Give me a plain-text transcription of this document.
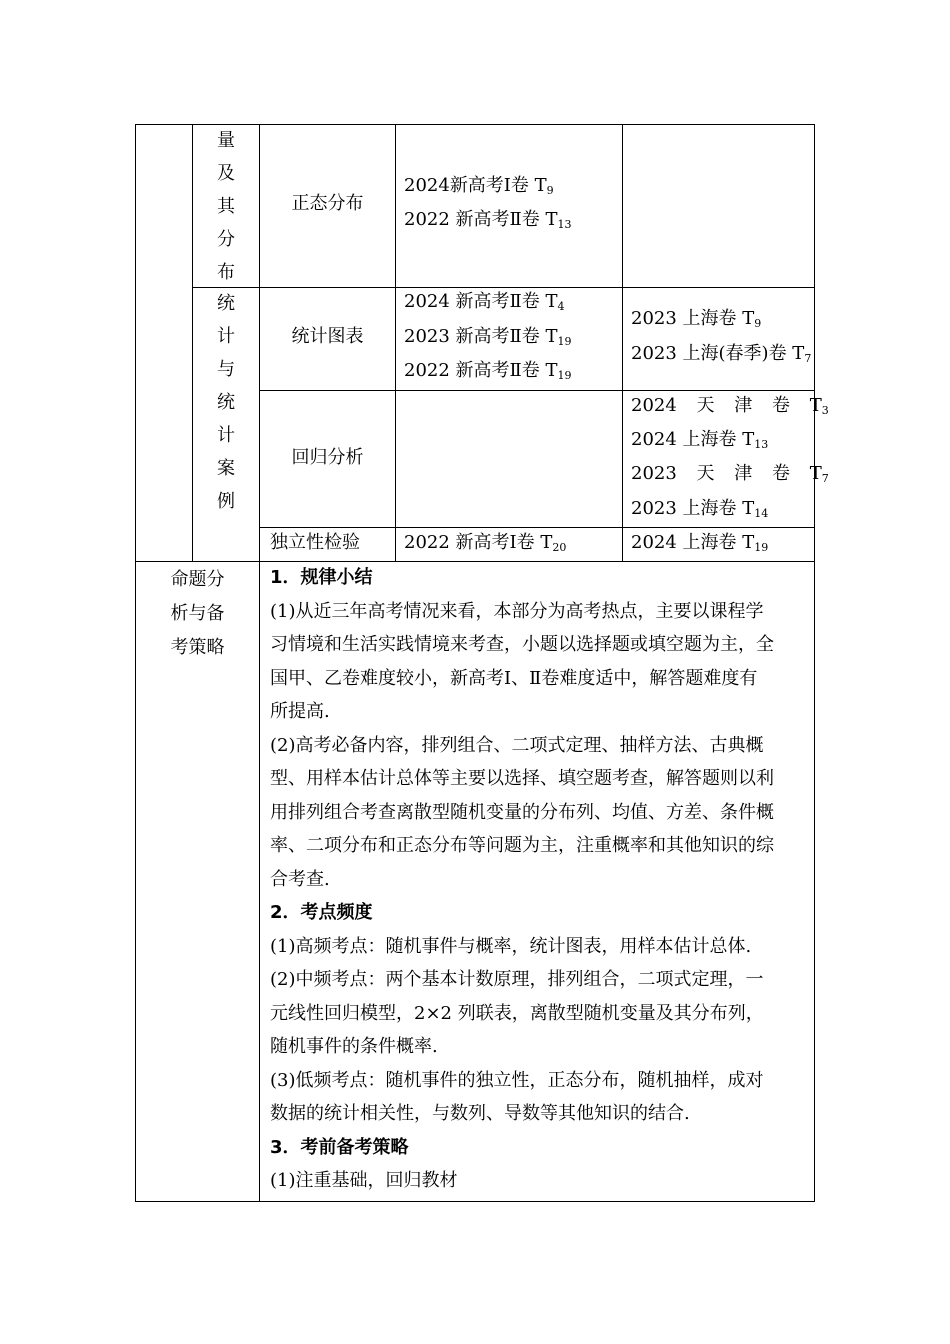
量
及
其
分
布
统
计
与
统
计
案
例
正态分布
2024新高考Ⅰ卷 $T_9$
2022 新高考Ⅱ卷 $T_{13}$
统计图表
2024 新高考Ⅱ卷 $T_4$
2023 新高考Ⅱ卷 $T_{19}$
2022 新高考Ⅱ卷 $T_{19}$
2023 上海卷 $T_9$
2023 上海(春季)卷 $T_7$
回归分析
2024 天 津 卷 $T_3$
2024 上海卷 $T_{13}$
2023 天 津 卷 $T_7$
2023 上海卷 $T_{14}$
独立性检验 2022 新高考Ⅰ卷 $T_{20}$	2024 上海卷 $T_{19}$
命题分
析与备
考策略
1．规律小结
(1)从近三年高考情况来看，本部分为高考热点，主要以课程学
习情境和生活实践情境来考查，小题以选择题或填空题为主，全
国甲、乙卷难度较小，新高考Ⅰ、Ⅱ卷难度适中，解答题难度有
所提高.
(2)高考必备内容，排列组合、二项式定理、抽样方法、古典概
型、用样本估计总体等主要以选择、填空题考查，解答题则以利
用排列组合考查离散型随机变量的分布列、均值、方差、条件概
率、二项分布和正态分布等问题为主，注重概率和其他知识的综
合考查.
2．考点频度
(1)高频考点：随机事件与概率，统计图表，用样本估计总体.
(2)中频考点：两个基本计数原理，排列组合，二项式定理，一
元线性回归模型，2×2 列联表，离散型随机变量及其分布列，
随机事件的条件概率.
(3)低频考点：随机事件的独立性，正态分布，随机抽样，成对
数据的统计相关性，与数列、导数等其他知识的结合.
3．考前备考策略
(1)注重基础，回归教材
